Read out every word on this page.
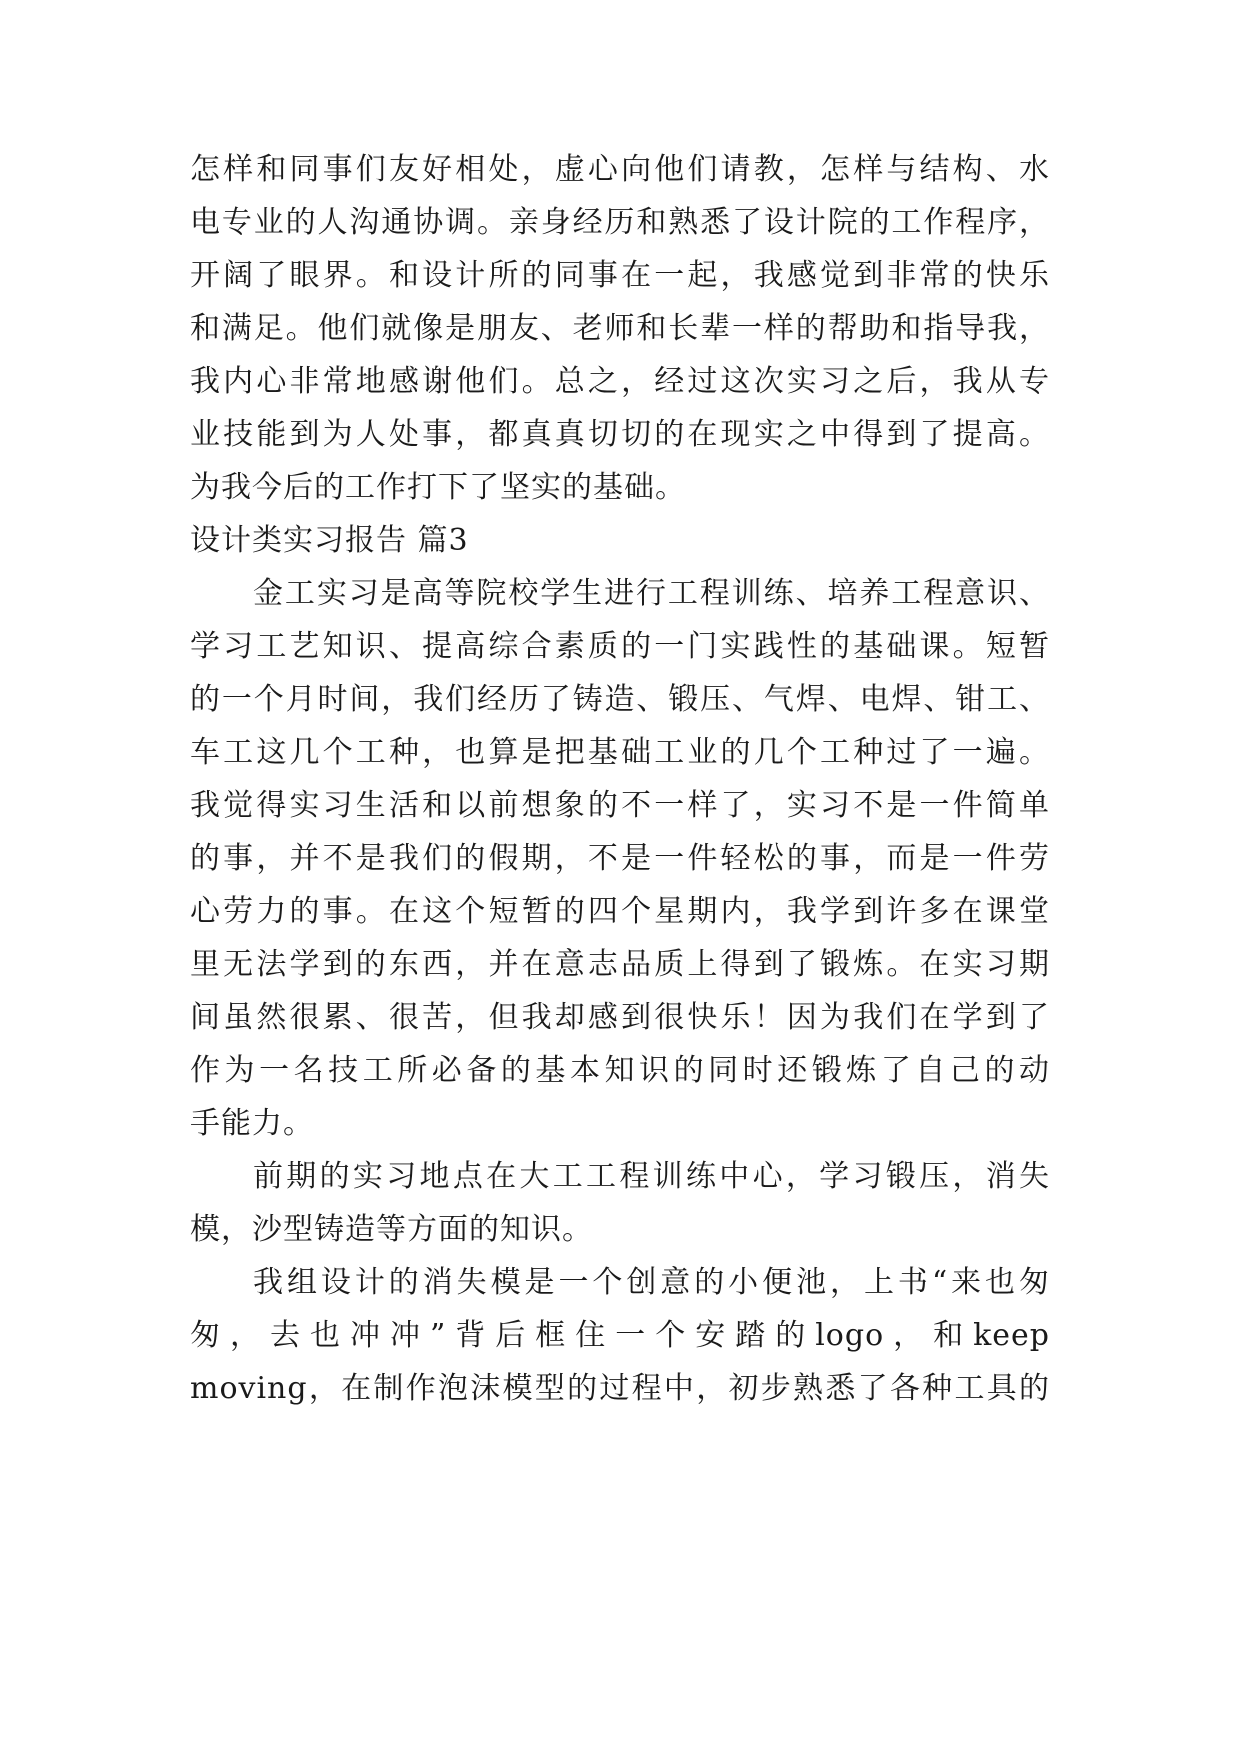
怎样和同事们友好相处，虚心向他们请教，怎样与结构、水
电专业的人沟通协调。亲身经历和熟悉了设计院的工作程序，
开阔了眼界。和设计所的同事在一起，我感觉到非常的快乐
和满足。他们就像是朋友、老师和长辈一样的帮助和指导我，
我内心非常地感谢他们。总之，经过这次实习之后，我从专
业技能到为人处事，都真真切切的在现实之中得到了提高。
为我今后的工作打下了坚实的基础。
设计类实习报告 篇3
金工实习是高等院校学生进行工程训练、培养工程意识、
学习工艺知识、提高综合素质的一门实践性的基础课。短暂
的一个月时间，我们经历了铸造、锻压、气焊、电焊、钳工、
车工这几个工种，也算是把基础工业的几个工种过了一遍。
我觉得实习生活和以前想象的不一样了，实习不是一件简单
的事，并不是我们的假期，不是一件轻松的事，而是一件劳
心劳力的事。在这个短暂的四个星期内，我学到许多在课堂
里无法学到的东西，并在意志品质上得到了锻炼。在实习期
间虽然很累、很苦，但我却感到很快乐！因为我们在学到了
作为一名技工所必备的基本知识的同时还锻炼了自己的动
手能力。
前期的实习地点在大工工程训练中心，学习锻压，消失
模，沙型铸造等方面的知识。
我组设计的消失模是一个创意的小便池，上书“来也匆
匆，去也冲冲”背后框住一个安踏的logo，和keep
moving，在制作泡沫模型的过程中，初步熟悉了各种工具的
